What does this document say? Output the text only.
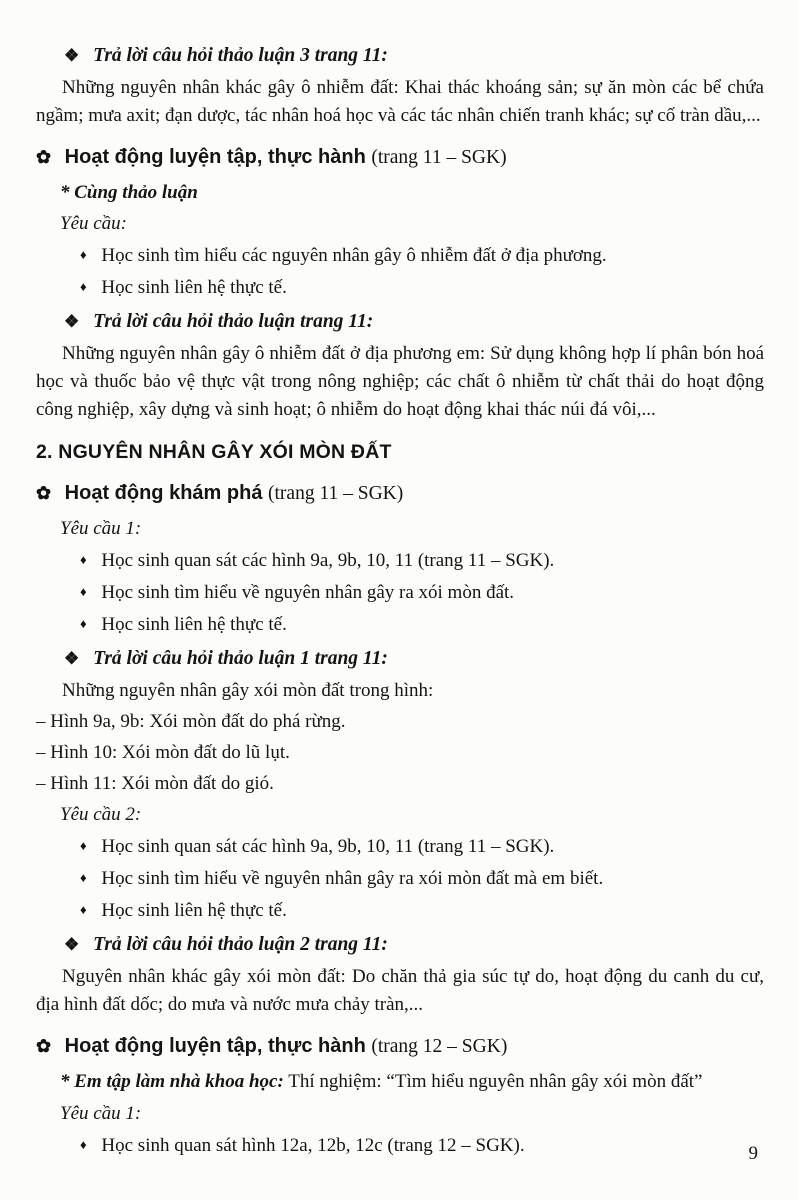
❖ Trả lời câu hỏi thảo luận 3 trang 11:

Những nguyên nhân khác gây ô nhiễm đất: Khai thác khoáng sản; sự ăn mòn các bể chứa ngầm; mưa axit; đạn dược, tác nhân hoá học và các tác nhân chiến tranh khác; sự cố tràn dầu,...

✿ Hoạt động luyện tập, thực hành (trang 11 – SGK)

* Cùng thảo luận

Yêu cầu:

♦ Học sinh tìm hiểu các nguyên nhân gây ô nhiễm đất ở địa phương.

♦ Học sinh liên hệ thực tế.

❖ Trả lời câu hỏi thảo luận trang 11:

Những nguyên nhân gây ô nhiễm đất ở địa phương em: Sử dụng không hợp lí phân bón hoá học và thuốc bảo vệ thực vật trong nông nghiệp; các chất ô nhiễm từ chất thải do hoạt động công nghiệp, xây dựng và sinh hoạt; ô nhiễm do hoạt động khai thác núi đá vôi,...

2. NGUYÊN NHÂN GÂY XÓI MÒN ĐẤT

✿ Hoạt động khám phá (trang 11 – SGK)

Yêu cầu 1:

♦ Học sinh quan sát các hình 9a, 9b, 10, 11 (trang 11 – SGK).

♦ Học sinh tìm hiểu về nguyên nhân gây ra xói mòn đất.

♦ Học sinh liên hệ thực tế.

❖ Trả lời câu hỏi thảo luận 1 trang 11:

Những nguyên nhân gây xói mòn đất trong hình:

– Hình 9a, 9b: Xói mòn đất do phá rừng.

– Hình 10: Xói mòn đất do lũ lụt.

– Hình 11: Xói mòn đất do gió.

Yêu cầu 2:

♦ Học sinh quan sát các hình 9a, 9b, 10, 11 (trang 11 – SGK).

♦ Học sinh tìm hiểu về nguyên nhân gây ra xói mòn đất mà em biết.

♦ Học sinh liên hệ thực tế.

❖ Trả lời câu hỏi thảo luận 2 trang 11:

Nguyên nhân khác gây xói mòn đất: Do chăn thả gia súc tự do, hoạt động du canh du cư, địa hình đất dốc; do mưa và nước mưa chảy tràn,...

✿ Hoạt động luyện tập, thực hành (trang 12 – SGK)

* Em tập làm nhà khoa học: Thí nghiệm: “Tìm hiểu nguyên nhân gây xói mòn đất”

Yêu cầu 1:

♦ Học sinh quan sát hình 12a, 12b, 12c (trang 12 – SGK).	9
